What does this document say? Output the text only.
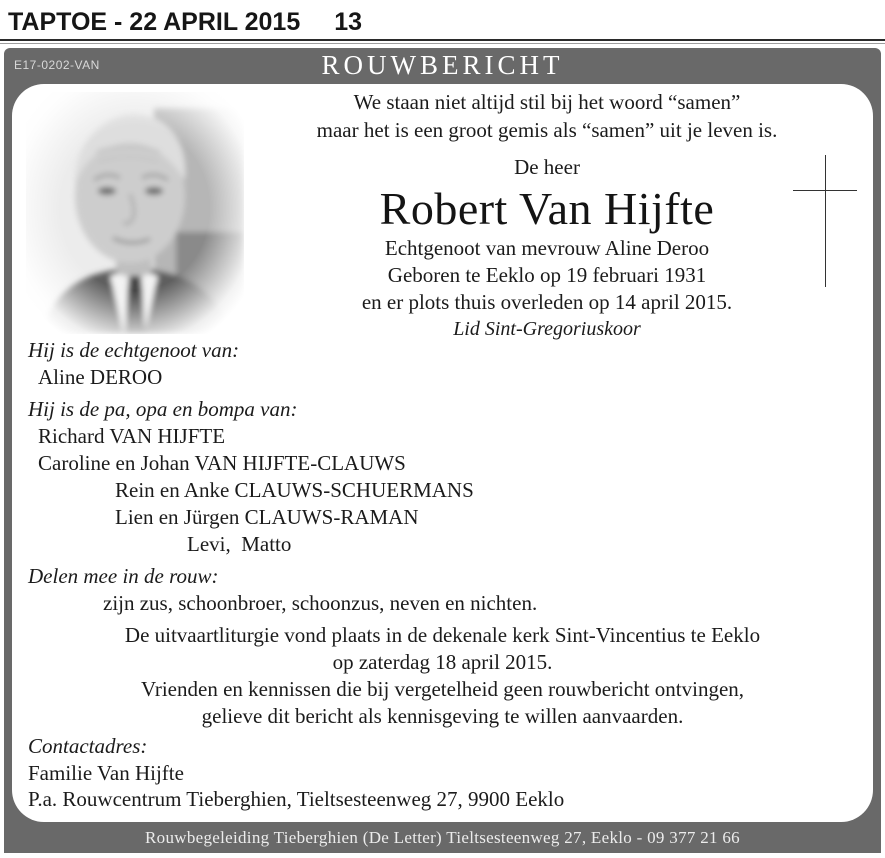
TAPTOE - 22 APRIL 2015 13
E17-0202-VAN	ROUWBERICHT
We staan niet altijd stil bij het woord “samen”
maar het is een groot gemis als “samen” uit je leven is.
De heer
Robert Van Hijfte
Echtgenoot van mevrouw Aline Deroo
Geboren te Eeklo op 19 februari 1931
en er plots thuis overleden op 14 april 2015.
Lid Sint-Gregoriuskoor
Hij is de echtgenoot van:
Aline DEROO
Hij is de pa, opa en bompa van:
Richard VAN HIJFTE
Caroline en Johan VAN HIJFTE-CLAUWS
Rein en Anke CLAUWS-SCHUERMANS
Lien en Jürgen CLAUWS-RAMAN
Levi,  Matto
Delen mee in de rouw:
zijn zus, schoonbroer, schoonzus, neven en nichten.
De uitvaartliturgie vond plaats in de dekenale kerk Sint-Vincentius te Eeklo
op zaterdag 18 april 2015.
Vrienden en kennissen die bij vergetelheid geen rouwbericht ontvingen,
gelieve dit bericht als kennisgeving te willen aanvaarden.
Contactadres:
Familie Van Hijfte
P.a. Rouwcentrum Tieberghien, Tieltsesteenweg 27, 9900 Eeklo
Rouwbegeleiding Tieberghien (De Letter) Tieltsesteenweg 27, Eeklo - 09 377 21 66
